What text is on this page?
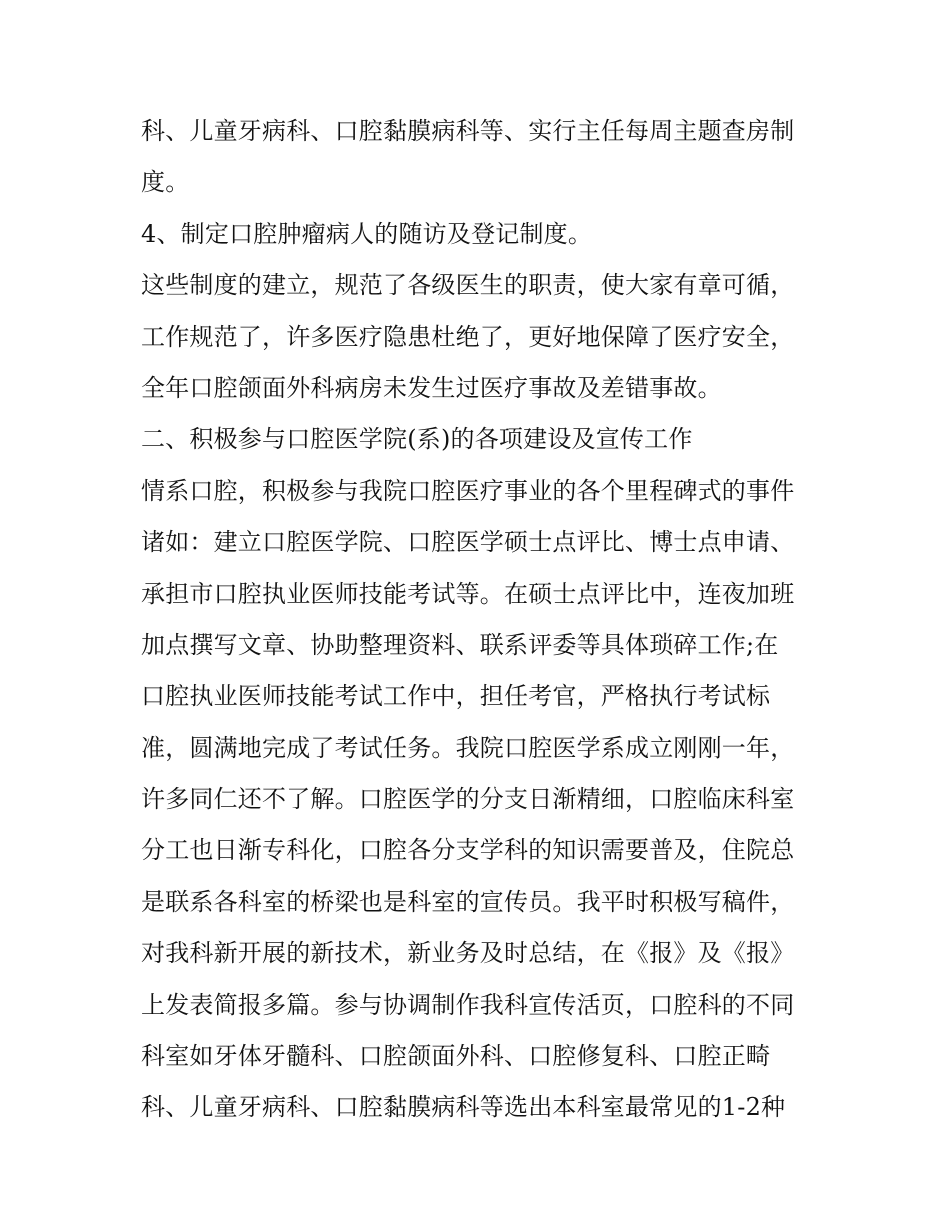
科、儿童牙病科、口腔黏膜病科等、实行主任每周主题查房制
度。
4、制定口腔肿瘤病人的随访及登记制度。
这些制度的建立，规范了各级医生的职责，使大家有章可循，
工作规范了，许多医疗隐患杜绝了，更好地保障了医疗安全，
全年口腔颌面外科病房未发生过医疗事故及差错事故。
二、积极参与口腔医学院(系)的各项建设及宣传工作
情系口腔，积极参与我院口腔医疗事业的各个里程碑式的事件
诸如：建立口腔医学院、口腔医学硕士点评比、博士点申请、
承担市口腔执业医师技能考试等。在硕士点评比中，连夜加班
加点撰写文章、协助整理资料、联系评委等具体琐碎工作;在
口腔执业医师技能考试工作中，担任考官，严格执行考试标
准，圆满地完成了考试任务。我院口腔医学系成立刚刚一年，
许多同仁还不了解。口腔医学的分支日渐精细，口腔临床科室
分工也日渐专科化，口腔各分支学科的知识需要普及，住院总
是联系各科室的桥梁也是科室的宣传员。我平时积极写稿件，
对我科新开展的新技术，新业务及时总结，在《报》及《报》
上发表简报多篇。参与协调制作我科宣传活页，口腔科的不同
科室如牙体牙髓科、口腔颌面外科、口腔修复科、口腔正畸
科、儿童牙病科、口腔黏膜病科等选出本科室最常见的1-2种
